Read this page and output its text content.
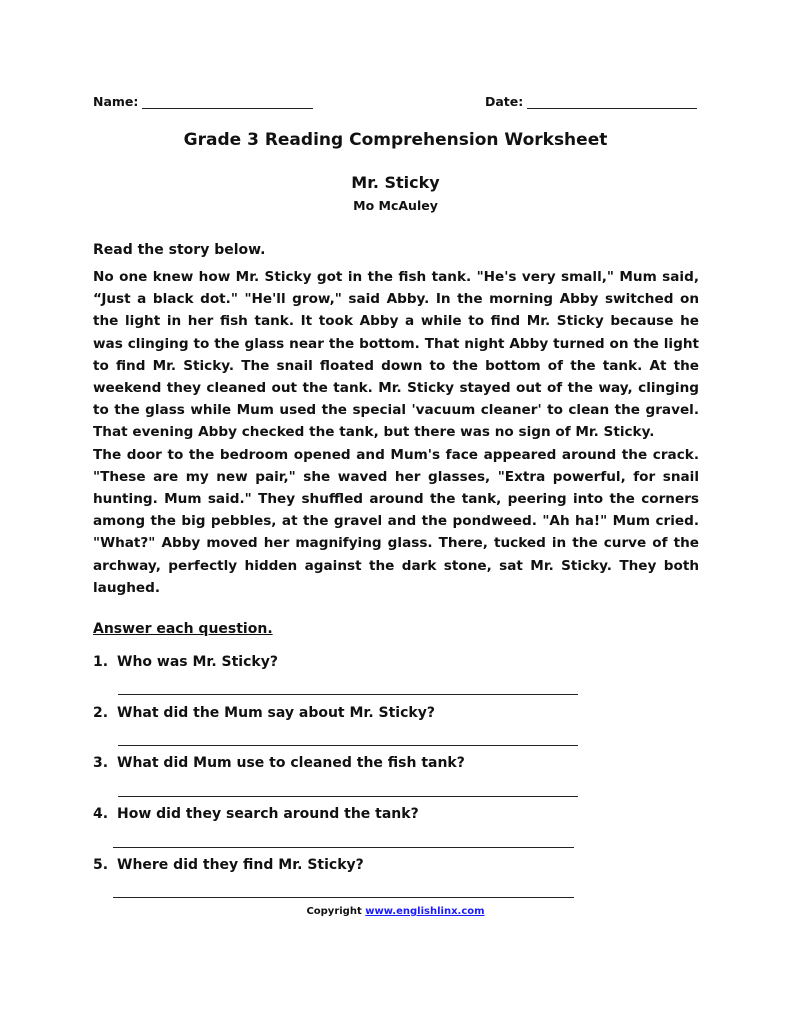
Name:	Date:
Grade 3 Reading Comprehension Worksheet
Mr. Sticky
Mo McAuley
Read the story below.

No one knew how Mr. Sticky got in the fish tank. "He's very small," Mum said, “Just a black dot." "He'll grow," said Abby. In the morning Abby switched on the light in her fish tank. It took Abby a while to find Mr. Sticky because he was clinging to the glass near the bottom. That night Abby turned on the light to find Mr. Sticky. The snail floated down to the bottom of the tank. At the weekend they cleaned out the tank. Mr. Sticky stayed out of the way, clinging to the glass while Mum used the special 'vacuum cleaner' to clean the gravel. That evening Abby checked the tank, but there was no sign of Mr. Sticky.

The door to the bedroom opened and Mum's face appeared around the crack. "These are my new pair," she waved her glasses, "Extra powerful, for snail hunting. Mum said." They shuffled around the tank, peering into the corners among the big pebbles, at the gravel and the pondweed. "Ah ha!" Mum cried. "What?" Abby moved her magnifying glass. There, tucked in the curve of the archway, perfectly hidden against the dark stone, sat Mr. Sticky. They both laughed.

Answer each question.
1. Who was Mr. Sticky?
2. What did the Mum say about Mr. Sticky?
3. What did Mum use to cleaned the fish tank?
4. How did they search around the tank?
5. Where did they find Mr. Sticky?
Copyright www.englishlinx.com
